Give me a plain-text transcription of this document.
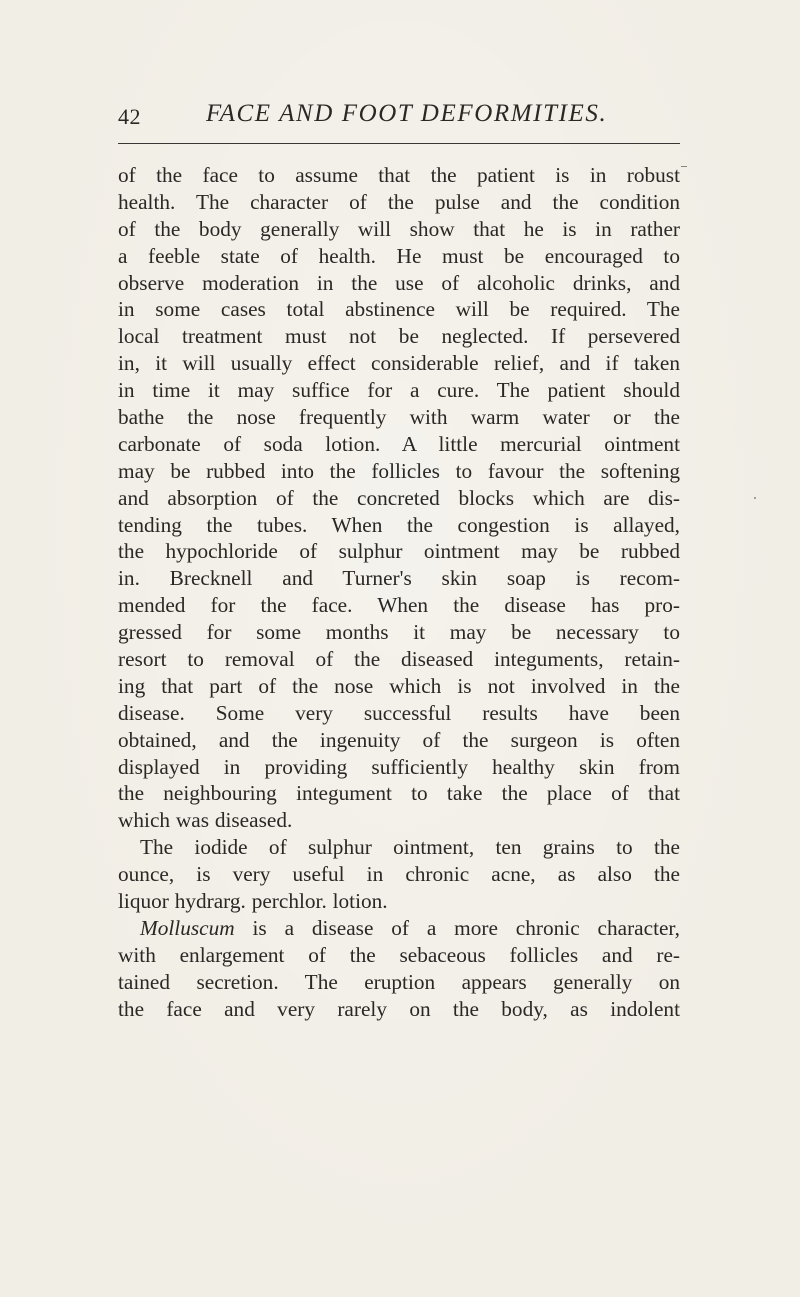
42	FACE AND FOOT DEFORMITIES.
of the face to assume that the patient is in robust
health. The character of the pulse and the condition
of the body generally will show that he is in rather
a feeble state of health. He must be encouraged to
observe moderation in the use of alcoholic drinks, and
in some cases total abstinence will be required. The
local treatment must not be neglected. If persevered
in, it will usually effect considerable relief, and if taken
in time it may suffice for a cure. The patient should
bathe the nose frequently with warm water or the
carbonate of soda lotion. A little mercurial ointment
may be rubbed into the follicles to favour the softening
and absorption of the concreted blocks which are dis-
tending the tubes. When the congestion is allayed,
the hypochloride of sulphur ointment may be rubbed
in. Brecknell and Turner's skin soap is recom-
mended for the face. When the disease has pro-
gressed for some months it may be necessary to
resort to removal of the diseased integuments, retain-
ing that part of the nose which is not involved in the
disease. Some very successful results have been
obtained, and the ingenuity of the surgeon is often
displayed in providing sufficiently healthy skin from
the neighbouring integument to take the place of that
which was diseased.
The iodide of sulphur ointment, ten grains to the
ounce, is very useful in chronic acne, as also the
liquor hydrarg. perchlor. lotion.
Molluscum is a disease of a more chronic character,
with enlargement of the sebaceous follicles and re-
tained secretion. The eruption appears generally on
the face and very rarely on the body, as indolent
